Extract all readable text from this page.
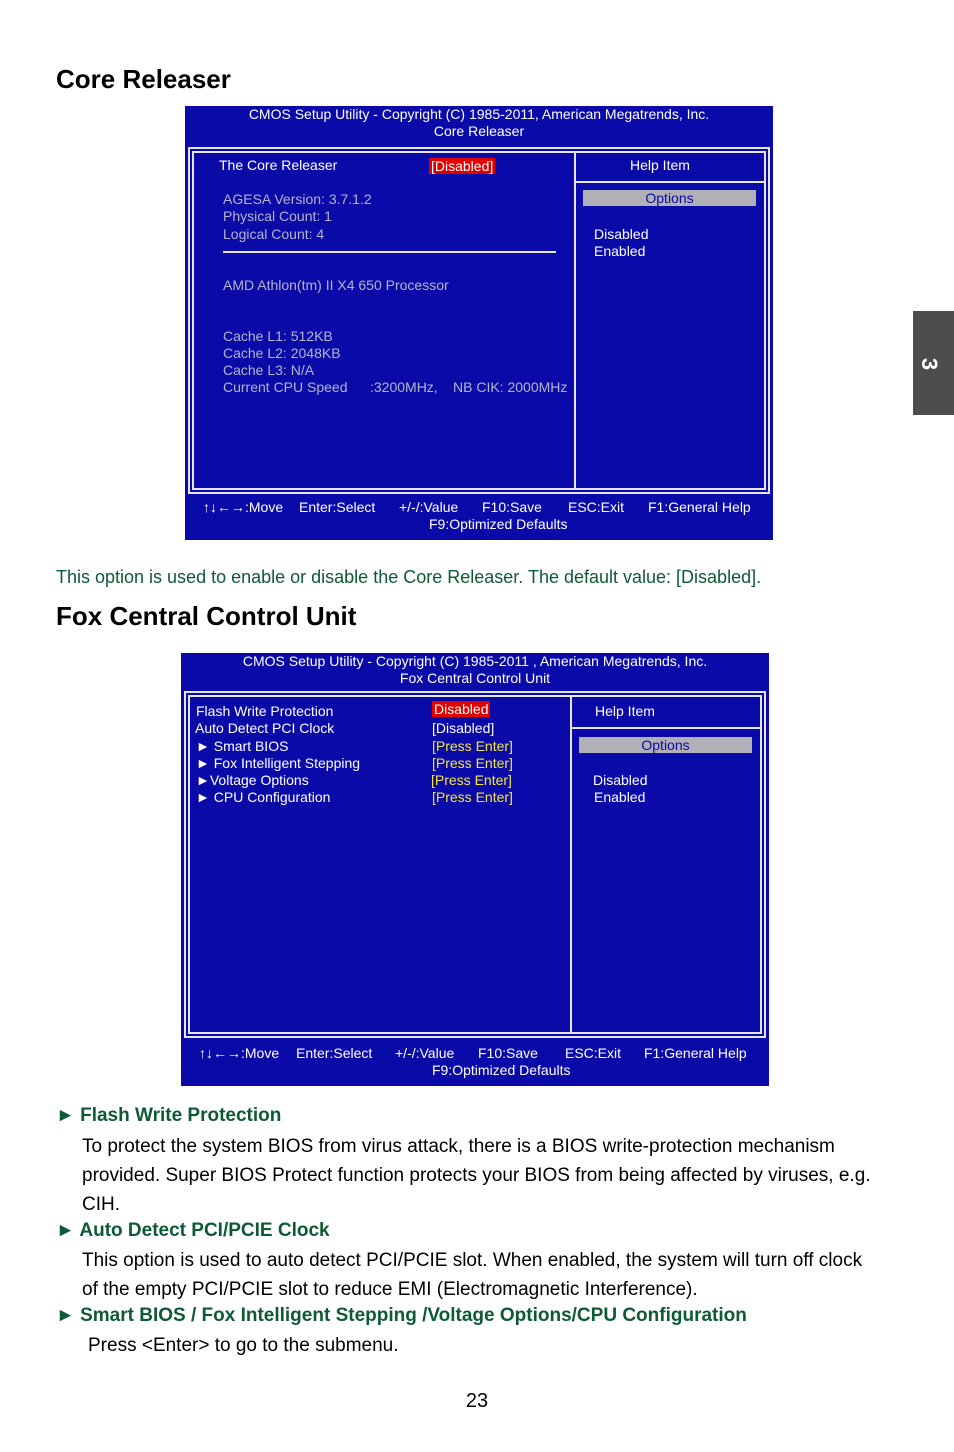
3
Core Releaser
CMOS Setup Utility - Copyright (C) 1985-2011, American Megatrends, Inc.
Core Releaser
The Core Releaser	[Disabled]
AGESA Version: 3.7.1.2
Physical Count: 1
Logical Count: 4
AMD Athlon(tm) II X4 650 Processor
Cache L1: 512KB
Cache L2: 2048KB
Cache L3: N/A
Current CPU Speed :3200MHz, NB CIK: 2000MHz
Help Item
Options
Disabled
Enabled
↑↓←→:Move Enter:Select +/-/:Value F10:Save ESC:Exit F1:General Help
F9:Optimized Defaults
This option is used to enable or disable the Core Releaser. The default value: [Disabled].
Fox Central Control Unit
CMOS Setup Utility - Copyright (C) 1985-2011 , American Megatrends, Inc.
Fox Central Control Unit
Flash Write Protection	Disabled
Auto Detect PCI Clock	[Disabled]
► Smart BIOS	[Press Enter]
► Fox Intelligent Stepping	[Press Enter]
►Voltage Options	[Press Enter]
► CPU Configuration	[Press Enter]
Help Item
Options
Disabled
Enabled
↑↓←→:Move Enter:Select +/-/:Value F10:Save ESC:Exit F1:General Help
F9:Optimized Defaults
► Flash Write Protection
To protect the system BIOS from virus attack, there is a BIOS write-protection mechanism
provided. Super BIOS Protect function protects your BIOS from being affected by viruses, e.g.
CIH.
► Auto Detect PCI/PCIE Clock
This option is used to auto detect PCI/PCIE slot. When enabled, the system will turn off clock
of the empty PCI/PCIE slot to reduce EMI (Electromagnetic Interference).
► Smart BIOS / Fox Intelligent Stepping /Voltage Options/CPU Configuration
Press <Enter> to go to the submenu.
23
